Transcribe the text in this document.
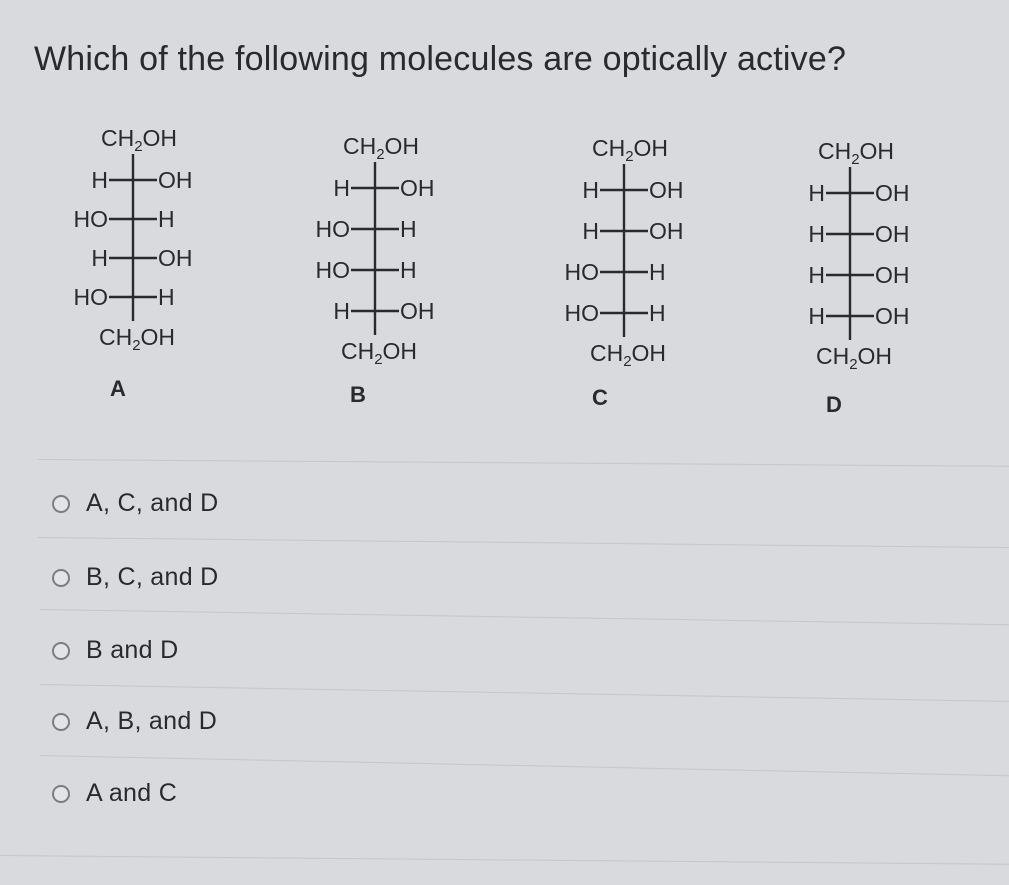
Which of the following molecules are optically active?
$CH_2OH$
H OH
HO H
H OH
HO H
$CH_2OH$
A
$CH_2OH$
H OH
HO H
HO H
H OH
$CH_2OH$
B
$CH_2OH$
H OH
H OH
HO H
HO H
$CH_2OH$
C
$CH_2OH$
H OH
H OH
H OH
H OH
$CH_2OH$
D
A, C, and D
B, C, and D
B and D
A, B, and D
A and C
